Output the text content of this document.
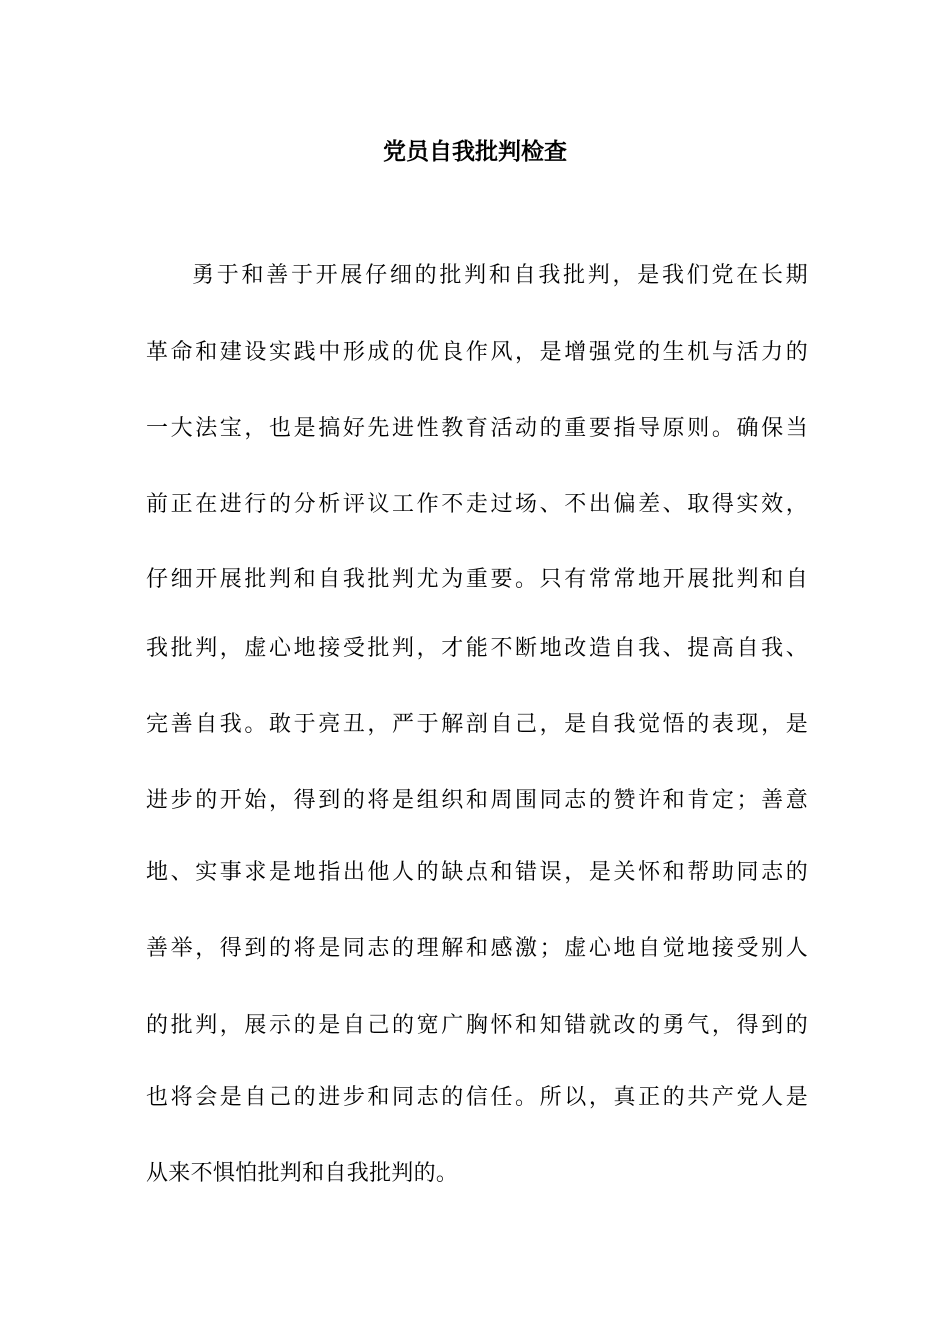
党员自我批判检查
勇于和善于开展仔细的批判和自我批判，是我们党在长期
革命和建设实践中形成的优良作风，是增强党的生机与活力的
一大法宝，也是搞好先进性教育活动的重要指导原则。确保当
前正在进行的分析评议工作不走过场、不出偏差、取得实效，
仔细开展批判和自我批判尤为重要。只有常常地开展批判和自
我批判，虚心地接受批判，才能不断地改造自我、提高自我、
完善自我。敢于亮丑，严于解剖自己，是自我觉悟的表现，是
进步的开始，得到的将是组织和周围同志的赞许和肯定；善意
地、实事求是地指出他人的缺点和错误，是关怀和帮助同志的
善举，得到的将是同志的理解和感激；虚心地自觉地接受别人
的批判，展示的是自己的宽广胸怀和知错就改的勇气，得到的
也将会是自己的进步和同志的信任。所以，真正的共产党人是
从来不惧怕批判和自我批判的。
